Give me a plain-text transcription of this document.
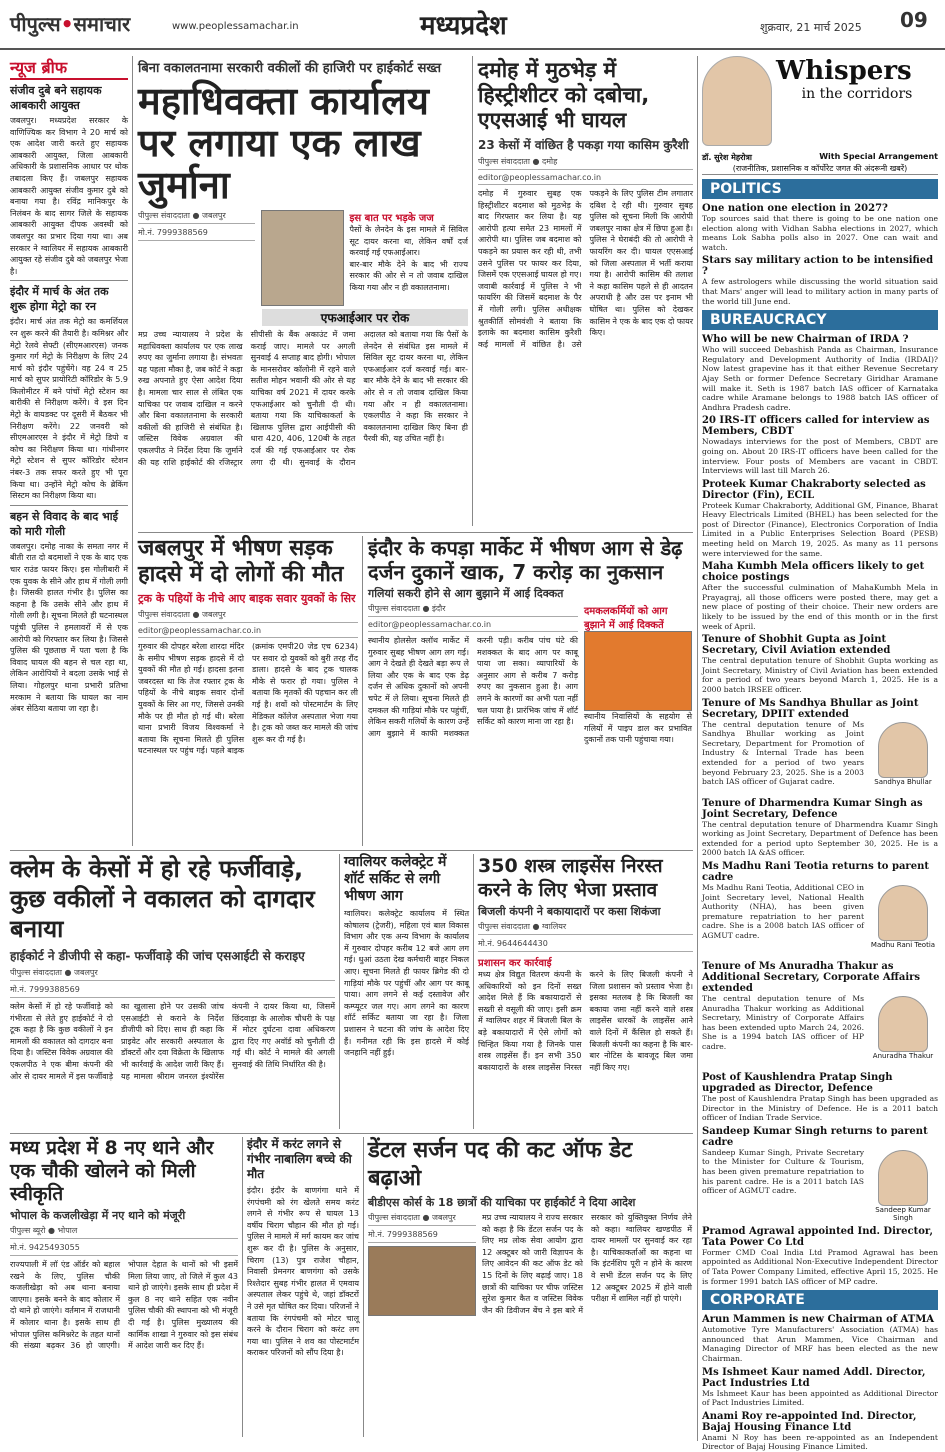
पीपुल्स•समाचार	www.peoplessamachar.in	मध्यप्रदेश	शुक्रवार, 21 मार्च 2025 09
न्यूज ब्रीफ
संजीव दुबे बने सहायक आबकारी आयुक्त
जबलपुर। मध्यप्रदेश सरकार के वाणिज्यिक कर विभाग ने 20 मार्च को एक आदेश जारी करते हुए सहायक आबकारी आयुक्त, जिला आबकारी अधिकारी के प्रशासनिक आधार पर थोक तबादला किए हैं। जबलपुर सहायक आबकारी आयुक्त संजीव कुमार दुबे को बनाया गया है। रविंद्र मानिकपुर के निलंबन के बाद सागर जिले के सहायक आबकारी आयुक्त दीपक अवस्थी को जबलपुर का प्रभार दिया गया था। अब सरकार ने ग्वालियर में सहायक आबकारी आयुक्त रहे संजीव दुबे को जबलपुर भेजा है।
इंदौर में मार्च के अंत तक शुरू होगा मेट्रो का रन
इंदौर। मार्च अंत तक मेट्रो का कमर्शियल रन शुरू करने की तैयारी है। कमिश्नर और मेट्रो रेलवे सेफ्टी (सीएमआरएस) जनक कुमार गर्ग मेट्रो के निरीक्षण के लिए 24 मार्च को इंदौर पहुंचेंगे। वह 24 व 25 मार्च को सुपर प्रायोरिटी कॉरिडोर के 5.9 किलोमीटर में बने पांचों मेट्रो स्टेशन का बारीकी से निरीक्षण करेंगे। वे इस दिन मेट्रो के वायडक्ट पर दूसरी में बैठकर भी निरीक्षण करेंगे। 22 जनवरी को सीएमआरएस ने इंदौर में मेट्रो डिपो व कोच का निरीक्षण किया था। गांधीनगर मेट्रो स्टेशन से सुपर कॉरिडोर स्टेशन नंबर-3 तक सफर करते हुए भी पूरा किया था। उन्होंने मेट्रो कोच के ब्रेकिंग सिस्टम का निरीक्षण किया था।
बहन से विवाद के बाद भाई को मारी गोली
जबलपुर। दमोह नाका के समता नगर में बीती रात दो बदमाशों ने एक के बाद एक चार राउंड फायर किए। इस गोलीबारी में एक युवक के सीने और हाथ में गोली लगी है। जिसकी हालत गंभीर है। पुलिस का कहना है कि उसके सीने और हाथ में गोली लगी है। सूचना मिलते ही घटनास्थल पहुंची पुलिस ने हमलावरों में से एक आरोपी को गिरफ्तार कर लिया है। जिससे पुलिस की पूछताछ में पता चला है कि विवाद घायल की बहन से चल रहा था, लेकिन आरोपियों ने बदला उसके भाई से लिया। गोहलपुर थाना प्रभारी प्रतिभा मरकाम ने बताया कि घायल का नाम अंबर सेठिया बताया जा रहा है।
बिना वकालतनामा सरकारी वकीलों की हाजिरी पर हाईकोर्ट सख्त
महाधिवक्ता कार्यालय पर लगाया एक लाख जुर्माना
पीपुल्स संवाददाता ● जबलपुर
मो.नं. 7999388569
इस बात पर भड़के जज
पैसों के लेनदेन के इस मामले में सिविल सूट दायर करना था, लेकिन वर्षों दर्ज करवाई गई एफआईआर।
बार-बार मौके देने के बाद भी राज्य सरकार की ओर से न तो जवाब दाखिल किया गया और न ही वकालतनामा।
एफआईआर पर रोक
मप्र उच्च न्यायालय ने प्रदेश के महाधिवक्ता कार्यालय पर एक लाख रुपए का जुर्माना लगाया है। संभवतः यह पहला मौका है, जब कोर्ट ने कड़ा रुख अपनाते हुए ऐसा आदेश दिया है। मामला चार साल से लंबित एक याचिका पर जवाब दाखिल न करने और बिना वकालतनामा के सरकारी वकीलों की हाजिरी से संबंधित है। जस्टिस विवेक अग्रवाल की एकलपीठ ने निर्देश दिया कि जुर्माने की यह राशि हाईकोर्ट की रजिस्ट्रार सीपीसी के बैंक अकाउंट में जमा कराई जाए। मामले पर अगली सुनवाई 4 सप्ताह बाद होगी। भोपाल के मानसरोवर कॉलोनी में रहने वाले सतीश मोहन भवानी की ओर से यह याचिका वर्ष 2021 में दायर करके एफआईआर को चुनौती दी थी। बताया गया कि याचिकाकर्ता के खिलाफ पुलिस द्वारा आईपीसी की धारा 420, 406, 120बी के तहत दर्ज की गई एफआईआर पर रोक लगा दी थी। सुनवाई के दौरान अदालत को बताया गया कि पैसों के लेनदेन से संबंधित इस मामले में सिविल सूट दायर करना था, लेकिन एफआईआर दर्ज करवाई गई। बार-बार मौके देने के बाद भी सरकार की ओर से न तो जवाब दाखिल किया गया और न ही वकालतनामा। एकलपीठ ने कहा कि सरकार ने वकालतनामा दाखिल किए बिना ही पैरवी की, यह उचित नहीं है।
दमोह में मुठभेड़ में हिस्ट्रीशीटर को दबोचा, एएसआई भी घायल
23 केसों में वांछित है पकड़ा गया कासिम कुरैशी
पीपुल्स संवाददाता ● दमोह
editor@peoplessamachar.co.in
दमोह में गुरुवार सुबह एक हिस्ट्रीशीटर बदमाश को मुठभेड़ के बाद गिरफ्तार कर लिया है। यह आरोपी हत्या समेत 23 मामलों में आरोपी था। पुलिस जब बदमाश को पकड़ने का प्रयास कर रही थी, तभी उसने पुलिस पर फायर कर दिया, जिसमें एक एएसआई घायल हो गए। जवाबी कार्रवाई में पुलिस ने भी फायरिंग की जिसमें बदमाश के पैर में गोली लगी। पुलिस अधीक्षक श्रुतकीर्ति सोमवंशी ने बताया कि इलाके का बदमाश कासिम कुरैशी कई मामलों में वांछित है। उसे पकड़ने के लिए पुलिस टीम लगातार दबिश दे रही थी। गुरुवार सुबह पुलिस को सूचना मिली कि आरोपी जबलपुर नाका क्षेत्र में छिपा हुआ है। पुलिस ने घेराबंदी की तो आरोपी ने फायरिंग कर दी। घायल एएसआई को जिला अस्पताल में भर्ती कराया गया है। आरोपी कासिम की तलाश ने कहा कासिम पहले से ही आदतन अपराधी है और उस पर इनाम भी घोषित था। पुलिस को देखकर कासिम ने एक के बाद एक दो फायर किए।
Whispers
in the corridors
डॉ. सुरेश मेहरोत्रा	With Special Arrangement
(राजनीतिक, प्रशासनिक व कॉर्पोरेट जगत की अंदरूनी खबरें)
POLITICS
One nation one election in 2027?
Top sources said that there is going to be one nation one election along with Vidhan Sabha elections in 2027, which means Lok Sabha polls also in 2027. One can wait and watch.
Stars say military action to be intensified ?
A few astrologers while discussing the world situation said that Mars' anger will lead to military action in many parts of the world till June end.
BUREAUCRACY
Who will be new Chairman of IRDA ?
Who will succeed Debashish Panda as Chairman, Insurance Regulatory and Development Authority of India (IRDAI)? Now latest grapevine has it that either Revenue Secretary Ajay Seth or former Defence Secretary Giridhar Aramane will make it. Seth is 1987 batch IAS officer of Karnataka cadre while Aramane belongs to 1988 batch IAS officer of Andhra Pradesh cadre.
20 IRS-IT officers called for interview as Members, CBDT
Nowadays interviews for the post of Members, CBDT are going on. About 20 IRS-IT officers have been called for the interview. Four posts of Members are vacant in CBDT. Interviews will last till March 26.
Proteek Kumar Chakraborty selected as Director (Fin), ECIL
Proteek Kumar Chakraborty, Additional GM, Finance, Bharat Heavy Electricals Limited (BHEL) has been selected for the post of Director (Finance), Electronics Corporation of India Limited in a Public Enterprises Selection Board (PESB) meeting held on March 19, 2025. As many as 11 persons were interviewed for the same.
Maha Kumbh Mela officers likely to get choice postings
After the successful culmination of MahaKumbh Mela in Prayagraj, all those officers were posted there, may get a new place of posting of their choice. Their new orders are likely to be issued by the end of this month or in the first week of April.
Tenure of Shobhit Gupta as Joint Secretary, Civil Aviation extended
The central deputation tenure of Shobhit Gupta working as Joint Secretary, Ministry of Civil Aviation has been extended for a period of two years beyond March 1, 2025. He is a 2000 batch IRSEE officer.
Tenure of Ms Sandhya Bhullar as Joint Secretary, DPIIT extended
Sandhya Bhullar
The central deputation tenure of Ms Sandhya Bhullar working as Joint Secretary, Department for Promotion of Industry & Internal Trade has been extended for a period of two years beyond February 23, 2025. She is a 2003 batch IAS officer of Gujarat cadre.
Tenure of Dharmendra Kumar Singh as Joint Secretary, Defence
The central deputation tenure of Dharmendra Kuamr Singh working as Joint Secretary, Department of Defence has been extended for a period upto September 30, 2025. He is a 2000 batch IA &AS officer.
Ms Madhu Rani Teotia returns to parent cadre
Madhu Rani Teotia
Ms Madhu Rani Teotia, Additional CEO in Joint Secretary level, National Health Authority (NHA), has been given premature repatriation to her parent cadre. She is a 2008 batch IAS officer of AGMUT cadre.
Tenure of Ms Anuradha Thakur as Additional Secretary, Corporate Affairs extended
Anuradha Thakur
The central deputation tenure of Ms Anuradha Thakur working as Additional Secretary, Ministry of Corporate Affairs has been extended upto March 24, 2026. She is a 1994 batch IAS officer of HP cadre.
Post of Kaushlendra Pratap Singh upgraded as Director, Defence
The post of Kaushlendra Pratap Singh has been upgraded as Director in the Ministry of Defence. He is a 2011 batch officer of Indian Trade Service.
Sandeep Kumar Singh returns to parent cadre
Sandeep Kumar Singh
Sandeep Kumar Singh, Private Secretary to the Minister for Culture & Tourism, has been given premature repatriation to his parent cadre. He is a 2011 batch IAS officer of AGMUT cadre.
Pramod Agrawal appointed Ind. Director, Tata Power Co Ltd
Former CMD Coal India Ltd Pramod Agrawal has been appointed as Additional Non-Executive Independent Director of Tata Power Company Limited, effective April 15, 2025. He is former 1991 batch IAS officer of MP cadre.
CORPORATE
Arun Mammen is new Chairman of ATMA
Automotive Tyre Manufacturers' Association (ATMA) has announced that Arun Mammen, Vice Chairman and Managing Director of MRF has been elected as the new Chairman.
Ms Ishmeet Kaur named Addl. Director, Pact Industries Ltd
Ms Ishmeet Kaur has been appointed as Additional Director of Pact Industries Limited.
Anami Roy re-appointed Ind. Director, Bajaj Housing Finance Ltd
Anami N Roy has been re-appointed as an Independent Director of Bajaj Housing Finance Limited.
जबलपुर में भीषण सड़क हादसे में दो लोगों की मौत
ट्रक के पहियों के नीचे आए बाइक सवार युवकों के सिर
पीपुल्स संवाददाता ● जबलपुर
editor@peoplessamachar.co.in
गुरुवार की दोपहर बरेला शारदा मंदिर के समीप भीषण सड़क हादसे में दो युवकों की मौत हो गई। हादसा इतना जबरदस्त था कि तेज रफ्तार ट्रक के पहियों के नीचे बाइक सवार दोनों युवकों के सिर आ गए, जिससे उनकी मौके पर ही मौत हो गई थी। बरेला थाना प्रभारी विजय विश्वकर्मा ने बताया कि सूचना मिलते ही पुलिस घटनास्थल पर पहुंच गई। पहले बाइक (क्रमांक एमपी20 जेड एच 6234) पर सवार दो युवकों को बुरी तरह रौंद डाला। हादसे के बाद ट्रक चालक मौके से फरार हो गया। पुलिस ने बताया कि मृतकों की पहचान कर ली गई है। शवों को पोस्टमार्टम के लिए मेडिकल कॉलेज अस्पताल भेजा गया है। ट्रक को जब्त कर मामले की जांच शुरू कर दी गई है।
इंदौर के कपड़ा मार्केट में भीषण आग से डेढ़ दर्जन दुकानें खाक, 7 करोड़ का नुकसान
गलियां सकरी होने से आग बुझाने में आई दिक्कत
पीपुल्स संवाददाता ● इंदौर
editor@peoplessamachar.co.in
स्थानीय होलसेल क्लॉथ मार्केट में गुरुवार सुबह भीषण आग लग गई। आग ने देखते ही देखते बड़ा रूप ले लिया और एक के बाद एक डेढ़ दर्जन से अधिक दुकानों को अपनी चपेट में ले लिया। सूचना मिलते ही दमकल की गाड़ियां मौके पर पहुंचीं, लेकिन सकरी गलियों के कारण उन्हें आग बुझाने में काफी मशक्कत करनी पड़ी। करीब पांच घंटे की मशक्कत के बाद आग पर काबू पाया जा सका। व्यापारियों के अनुसार आग से करीब 7 करोड़ रुपए का नुकसान हुआ है। आग लगने के कारणों का अभी पता नहीं चल पाया है। प्रारंभिक जांच में शॉर्ट सर्किट को कारण माना जा रहा है।
दमकलकर्मियों को आग बुझाने में आई दिक्कतें
स्थानीय निवासियों के सहयोग से गलियों में पाइप डाल कर प्रभावित दुकानों तक पानी पहुंचाया गया।
क्लेम के केसों में हो रहे फर्जीवाड़े, कुछ वकीलों ने वकालत को दागदार बनाया
हाईकोर्ट ने डीजीपी से कहा- फर्जीवाड़े की जांच एसआईटी से कराइए
पीपुल्स संवाददाता ● जबलपुर
मो.नं. 7999388569
क्लेम केसों में हो रहे फर्जीवाड़े को गंभीरता से लेते हुए हाईकोर्ट ने दो टूक कहा है कि कुछ वकीलों ने इन मामलों की वकालत को दागदार बना दिया है। जस्टिस विवेक अग्रवाल की एकलपीठ ने एक बीमा कंपनी की ओर से दायर मामले में इस फर्जीवाड़े का खुलासा होने पर उसकी जांच एसआईटी से कराने के निर्देश डीजीपी को दिए। साथ ही कहा कि प्राइवेट और सरकारी अस्पताल के डॉक्टरों और दवा विक्रेता के खिलाफ भी कार्रवाई के आदेश जारी किए हैं। यह मामला श्रीराम जनरल इंश्योरेंस कंपनी ने दायर किया था, जिसमें छिंदवाड़ा के आलोक चौधरी के पक्ष में मोटर दुर्घटना दावा अधिकरण द्वारा दिए गए अवॉर्ड को चुनौती दी गई थी। कोर्ट ने मामले की अगली सुनवाई की तिथि निर्धारित की है।
ग्वालियर कलेक्ट्रेट में शॉर्ट सर्किट से लगी भीषण आग
ग्वालियर। कलेक्ट्रेट कार्यालय में स्थित कोषालय (ट्रेजरी), महिला एवं बाल विकास विभाग और एक अन्य विभाग के कार्यालय में गुरुवार दोपहर करीब 12 बजे आग लग गई। धुआं उठता देख कर्मचारी बाहर निकल आए। सूचना मिलते ही फायर ब्रिगेड की दो गाड़ियां मौके पर पहुंचीं और आग पर काबू पाया। आग लगने से कई दस्तावेज और कम्प्यूटर जल गए। आग लगने का कारण शॉर्ट सर्किट बताया जा रहा है। जिला प्रशासन ने घटना की जांच के आदेश दिए हैं। गनीमत रही कि इस हादसे में कोई जनहानि नहीं हुई।
350 शस्त्र लाइसेंस निरस्त करने के लिए भेजा प्रस्ताव
बिजली कंपनी ने बकायादारों पर कसा शिकंजा
पीपुल्स संवाददाता ● ग्वालियर
मो.नं. 9644644430
प्रशासन कर कार्रवाई
मध्य क्षेत्र विद्युत वितरण कंपनी के अधिकारियों को इन दिनों सख्त आदेश मिले हैं कि बकायादारों से सख्ती से वसूली की जाए। इसी क्रम में ग्वालियर शहर में बिजली बिल के बड़े बकायादारों में ऐसे लोगों को चिन्हित किया गया है जिनके पास शस्त्र लाइसेंस हैं। इन सभी 350 बकायादारों के शस्त्र लाइसेंस निरस्त करने के लिए बिजली कंपनी ने जिला प्रशासन को प्रस्ताव भेजा है। इसका मतलब है कि बिजली का बकाया जमा नहीं करने वाले शस्त्र लाइसेंस धारकों के लाइसेंस आने वाले दिनों में कैंसिल हो सकते हैं। बिजली कंपनी का कहना है कि बार-बार नोटिस के बावजूद बिल जमा नहीं किए गए।
मध्य प्रदेश में 8 नए थाने और एक चौकी खोलने को मिली स्वीकृति
भोपाल के कजलीखेड़ा में नए थाने को मंजूरी
पीपुल्स ब्यूरो ● भोपाल
मो.नं. 9425493055
राज्यपाली में लॉ एंड ऑर्डर को बहाल रखने के लिए, पुलिस चौकी कजलीखेड़ा को अब थाना बनाया जाएगा। इसके बनने के बाद कोलार में दो थाने हो जाएंगे। वर्तमान में राजधानी में कोलार थाना है। इसके साथ ही भोपाल पुलिस कमिश्नरेट के तहत थानों की संख्या बढ़कर 36 हो जाएगी। भोपाल देहात के थानों को भी इसमें मिला लिया जाए, तो जिले में कुल 43 थाने हो जाएंगे। इसके साथ ही प्रदेश में कुल 8 नए थाने सहित एक नवीन पुलिस चौकी की स्थापना को भी मंजूरी दी गई है। पुलिस मुख्यालय की कार्मिक शाखा ने गुरुवार को इस संबंध में आदेश जारी कर दिए हैं।
इंदौर में करंट लगने से गंभीर नाबालिग बच्चे की मौत
इंदौर। इंदौर के बाणगंगा थाने में रंगपंचमी को रंग खेलते समय करंट लगने से गंभीर रूप से घायल 13 वर्षीय चिराग चौहान की मौत हो गई। पुलिस ने मामले में मर्ग कायम कर जांच शुरू कर दी है। पुलिस के अनुसार, चिराग (13) पुत्र राजेश चौहान, निवासी प्रेमनगर बाणगंगा को उसके रिश्तेदार सुबह गंभीर हालत में एमवाय अस्पताल लेकर पहुंचे थे, जहां डॉक्टरों ने उसे मृत घोषित कर दिया। परिजनों ने बताया कि रंगपंचमी को मोटर चालू करने के दौरान चिराग को करंट लग गया था। पुलिस ने शव का पोस्टमार्टम कराकर परिजनों को सौंप दिया है।
डेंटल सर्जन पद की कट ऑफ डेट बढ़ाओ
बीडीएस कोर्स के 18 छात्रों की याचिका पर हाईकोर्ट ने दिया आदेश
पीपुल्स संवाददाता ● जबलपुर
मो.नं. 7999388569
मप्र उच्च न्यायालय ने राज्य सरकार को कहा है कि डेंटल सर्जन पद के लिए मप्र लोक सेवा आयोग द्वारा 12 अक्टूबर को जारी विज्ञापन के लिए आवेदन की कट ऑफ डेट को 15 दिनों के लिए बढ़ाई जाए। 18 छात्रों की याचिका पर चीफ जस्टिस सुरेश कुमार कैत व जस्टिस विवेक जैन की डिवीजन बेंच ने इस बारे में सरकार को युक्तियुक्त निर्णय लेने को कहा। ग्वालियर खण्डपीठ में दायर मामलों पर सुनवाई कर रहा है। याचिकाकर्ताओं का कहना था कि इंटर्नशिप पूरी न होने के कारण वे सभी डेंटल सर्जन पद के लिए 12 अक्टूबर 2025 में होने वाली परीक्षा में शामिल नहीं हो पाएंगे।
